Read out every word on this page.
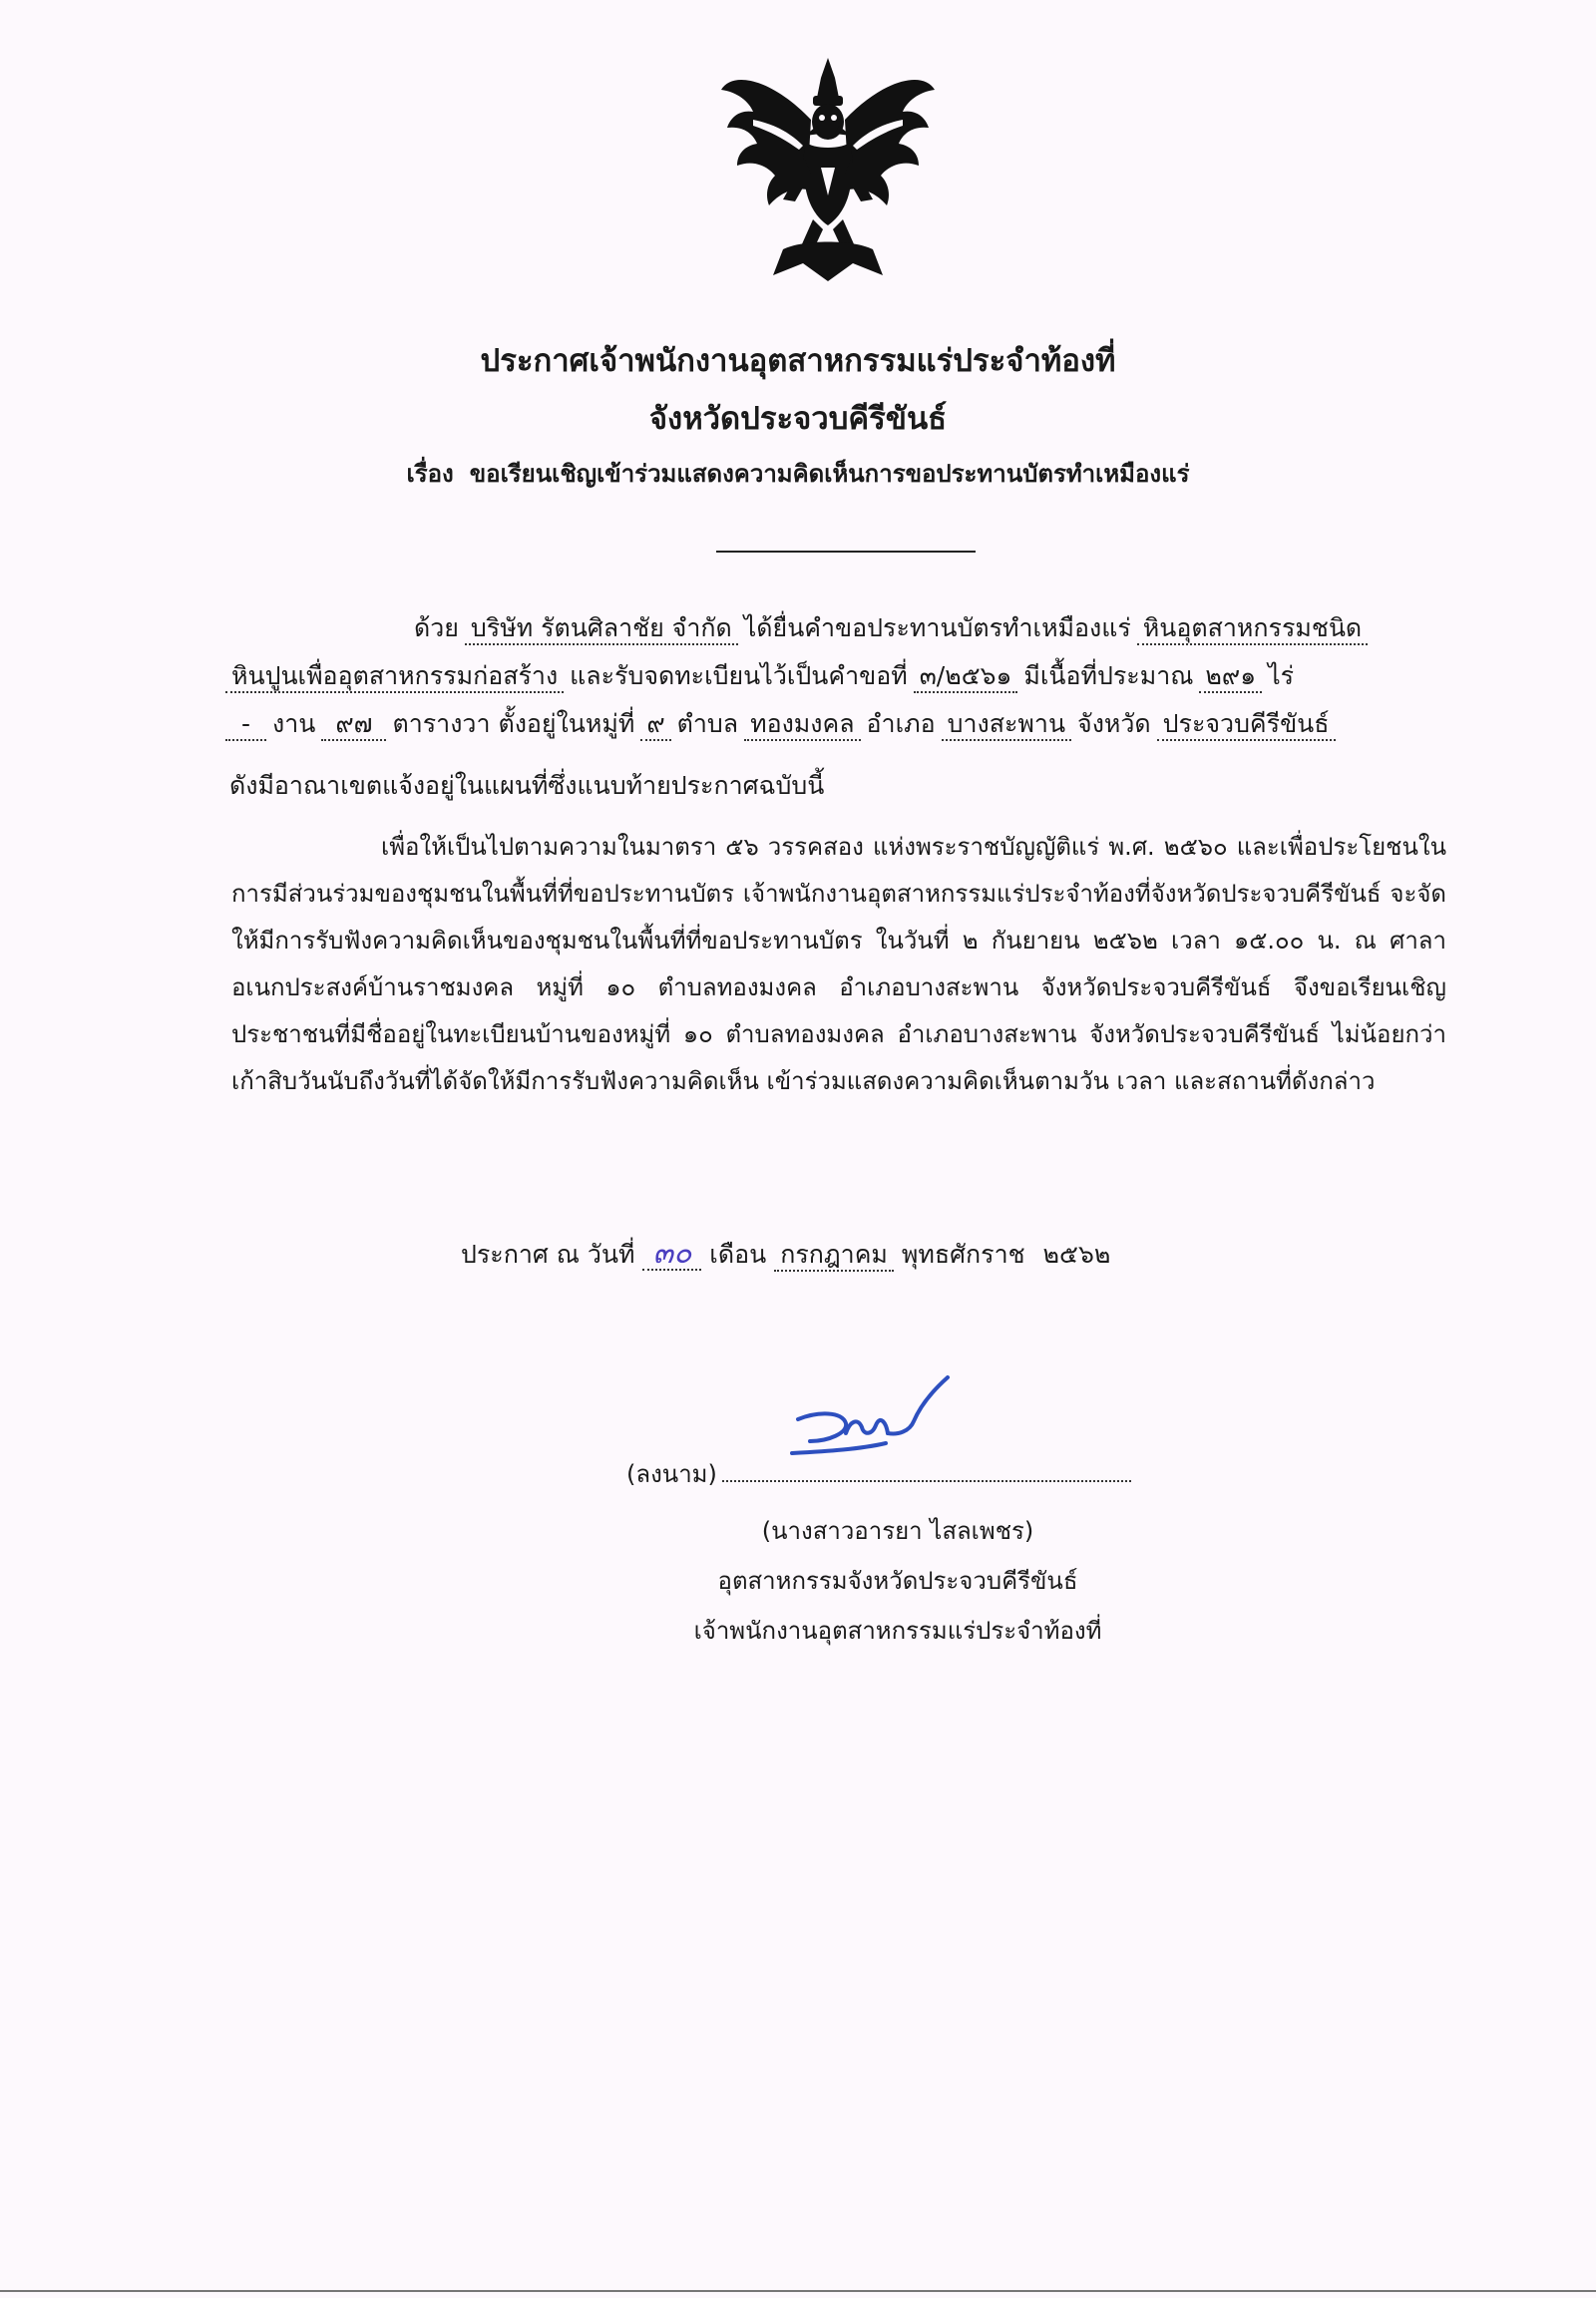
ประกาศเจ้าพนักงานอุตสาหกรรมแร่ประจำท้องที่
จังหวัดประจวบคีรีขันธ์
เรื่อง ขอเรียนเชิญเข้าร่วมแสดงความคิดเห็นการขอประทานบัตรทำเหมืองแร่
ด้วย บริษัท รัตนศิลาชัย จำกัด ได้ยื่นคำขอประทานบัตรทำเหมืองแร่ หินอุตสาหกรรมชนิด
หินปูนเพื่ออุตสาหกรรมก่อสร้าง และรับจดทะเบียนไว้เป็นคำขอที่ ๓/๒๕๖๑ มีเนื้อที่ประมาณ ๒๙๑ ไร่
- งาน ๙๗ ตารางวา ตั้งอยู่ในหมู่ที่ ๙ ตำบล ทองมงคล อำเภอ บางสะพาน จังหวัด ประจวบคีรีขันธ์
ดังมีอาณาเขตแจ้งอยู่ในแผนที่ซึ่งแนบท้ายประกาศฉบับนี้
เพื่อให้เป็นไปตามความในมาตรา ๕๖ วรรคสอง แห่งพระราชบัญญัติแร่ พ.ศ. ๒๕๖๐ และเพื่อประโยชนในการมีส่วนร่วมของชุมชนในพื้นที่ที่ขอประทานบัตร เจ้าพนักงานอุตสาหกรรมแร่ประจำท้องที่จังหวัดประจวบคีรีขันธ์ จะจัดให้มีการรับฟังความคิดเห็นของชุมชนในพื้นที่ที่ขอประทานบัตร ในวันที่ ๒ กันยายน ๒๕๖๒ เวลา ๑๕.๐๐ น. ณ ศาลาอเนกประสงค์บ้านราชมงคล หมู่ที่ ๑๐ ตำบลทองมงคล อำเภอบางสะพาน จังหวัดประจวบคีรีขันธ์ จึงขอเรียนเชิญประชาชนที่มีชื่ออยู่ในทะเบียนบ้านของหมู่ที่ ๑๐ ตำบลทองมงคล อำเภอบางสะพาน จังหวัดประจวบคีรีขันธ์ ไม่น้อยกว่าเก้าสิบวันนับถึงวันที่ได้จัดให้มีการรับฟังความคิดเห็น เข้าร่วมแสดงความคิดเห็นตามวัน เวลา และสถานที่ดังกล่าว
ประกาศ ณ วันที่ ๓๐ เดือน กรกฎาคม พุทธศักราช ๒๕๖๒
(ลงนาม)
(นางสาวอารยา ไสลเพชร)
อุตสาหกรรมจังหวัดประจวบคีรีขันธ์
เจ้าพนักงานอุตสาหกรรมแร่ประจำท้องที่
